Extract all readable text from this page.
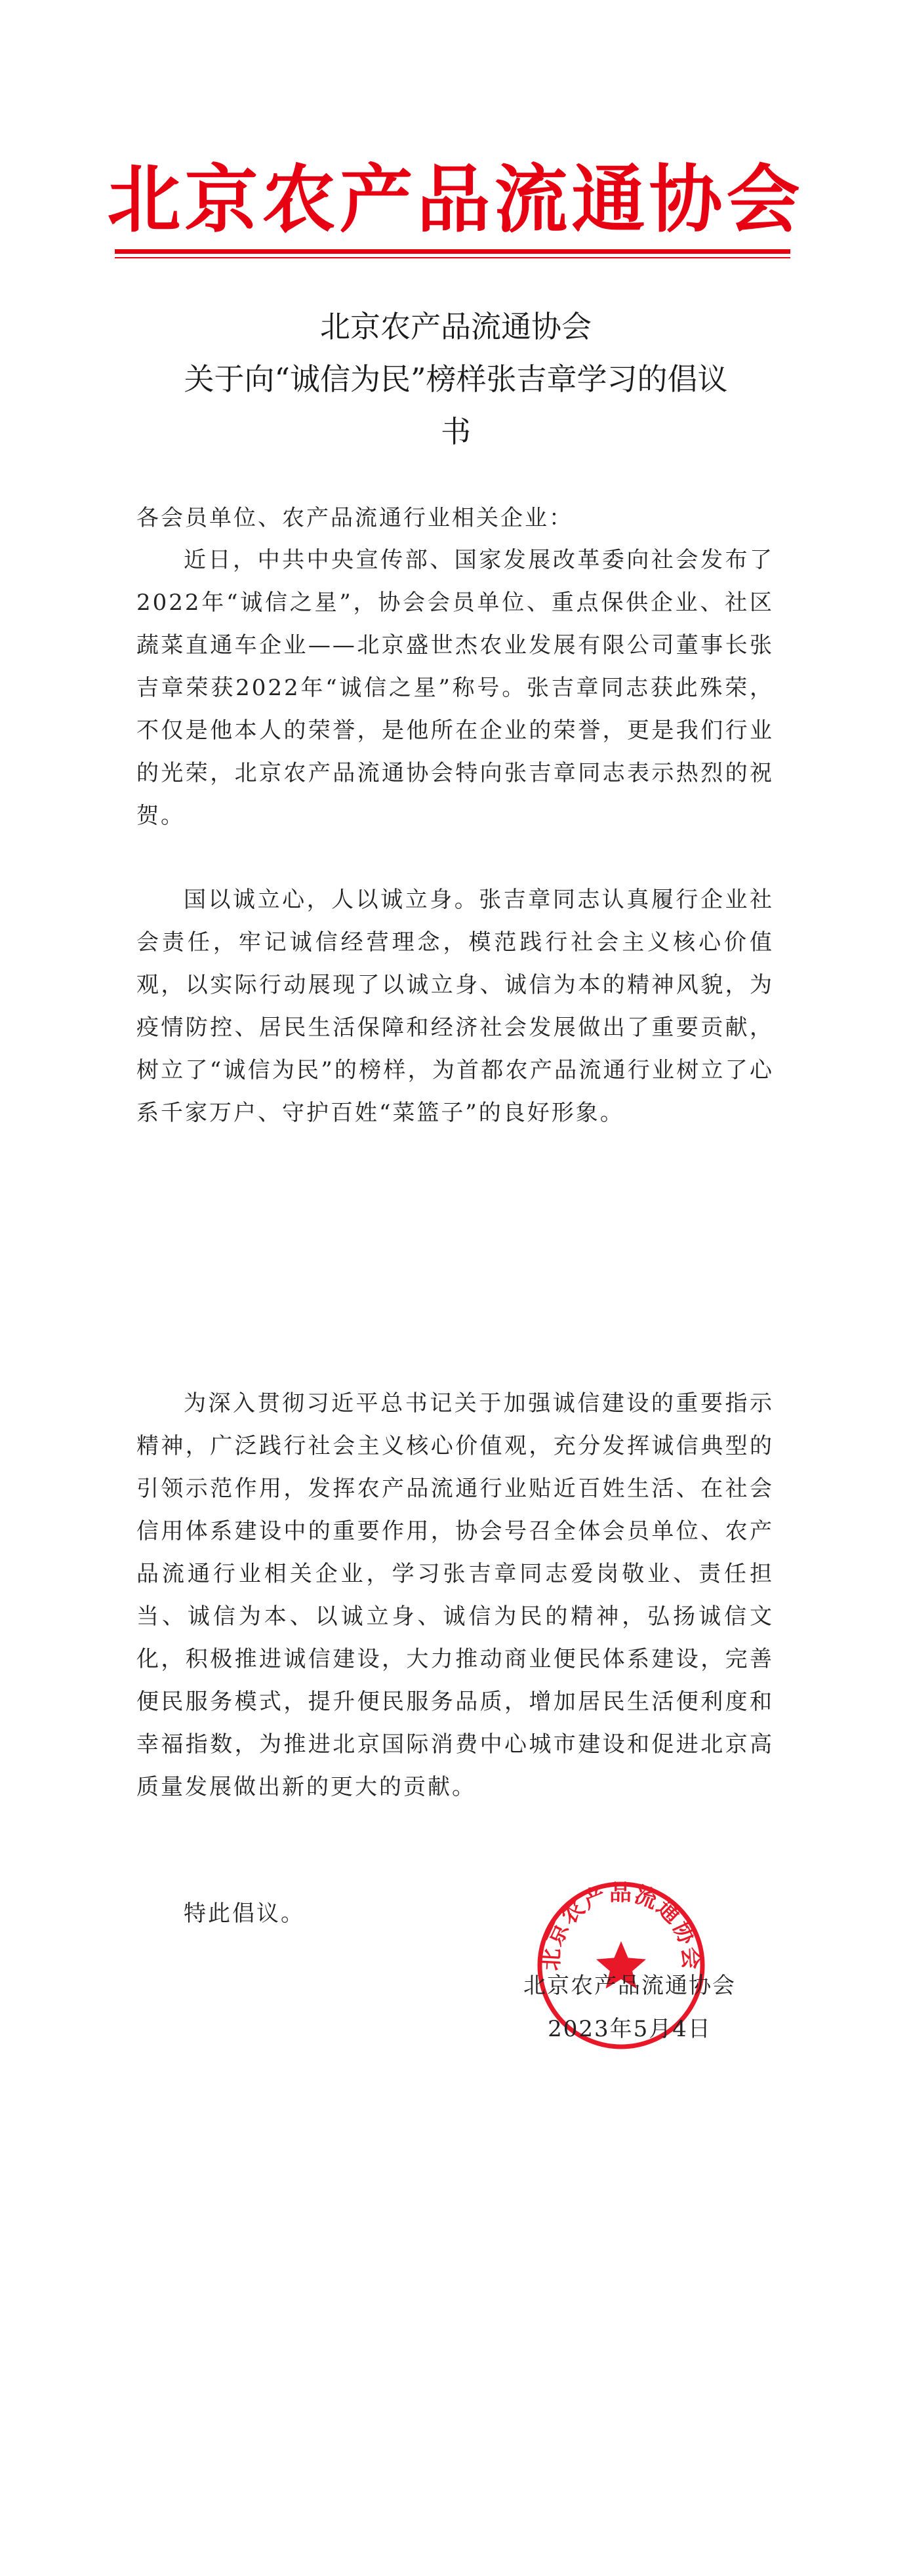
北京农产品流通协会
北京农产品流通协会
关于向“诚信为民”榜样张吉章学习的倡议
书

各会员单位、农产品流通行业相关企业：

近日，中共中央宣传部、国家发展改革委向社会发布了2022年“诚信之星”，协会会员单位、重点保供企业、社区蔬菜直通车企业——北京盛世杰农业发展有限公司董事长张吉章荣获2022年“诚信之星”称号。张吉章同志获此殊荣，不仅是他本人的荣誉，是他所在企业的荣誉，更是我们行业的光荣，北京农产品流通协会特向张吉章同志表示热烈的祝贺。

国以诚立心，人以诚立身。张吉章同志认真履行企业社会责任，牢记诚信经营理念，模范践行社会主义核心价值观，以实际行动展现了以诚立身、诚信为本的精神风貌，为疫情防控、居民生活保障和经济社会发展做出了重要贡献，树立了“诚信为民”的榜样，为首都农产品流通行业树立了心系千家万户、守护百姓“菜篮子”的良好形象。

为深入贯彻习近平总书记关于加强诚信建设的重要指示精神，广泛践行社会主义核心价值观，充分发挥诚信典型的引领示范作用，发挥农产品流通行业贴近百姓生活、在社会信用体系建设中的重要作用，协会号召全体会员单位、农产品流通行业相关企业，学习张吉章同志爱岗敬业、责任担当、诚信为本、以诚立身、诚信为民的精神，弘扬诚信文化，积极推进诚信建设，大力推动商业便民体系建设，完善便民服务模式，提升便民服务品质，增加居民生活便利度和幸福指数，为推进北京国际消费中心城市建设和促进北京高质量发展做出新的更大的贡献。

特此倡议。

北京农产品流通协会
北京农产品流通协会
2023年5月4日
